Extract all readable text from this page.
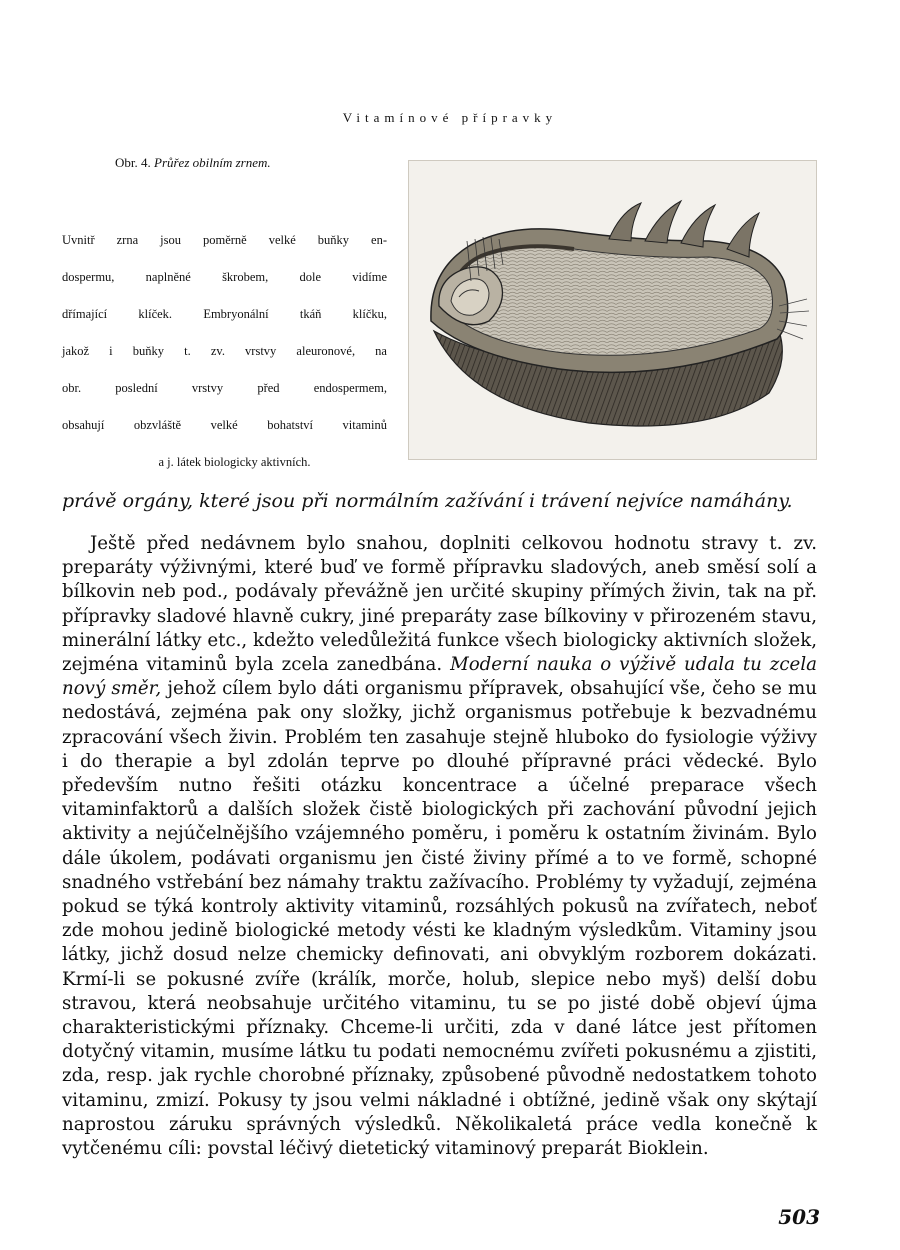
Vitamínové přípravky
Obr. 4. Průřez obilním zrnem.
Uvnitř zrna jsou poměrně velké buňky en-
dospermu, naplněné škrobem, dole vidíme
dřímající klíček. Embryonální tkáň klíčku,
jakož i buňky t. zv. vrstvy aleuronové, na
obr. poslední vrstvy před endospermem,
obsahují obzvláště velké bohatství vitaminů
a j. látek biologicky aktivních.
právě orgány, které jsou při normálním zažívání i trávení nejvíce namáhány.
Ještě před nedávnem bylo snahou, doplniti celkovou hodnotu stravy t. zv. preparáty výživnými, které buď ve formě přípravku sladových, aneb směsí solí a bílkovin neb pod., podávaly převážně jen určité skupiny přímých živin, tak na př. přípravky sladové hlavně cukry, jiné preparáty zase bílkoviny v přirozeném stavu, minerální látky etc., kdežto veledůležitá funkce všech biologicky aktivních složek, zejména vitaminů byla zcela zanedbána. Moderní nauka o výživě udala tu zcela nový směr, jehož cílem bylo dáti organismu přípravek, obsahující vše, čeho se mu nedostává, zejména pak ony složky, jichž organismus potřebuje k bezvadnému zpracování všech živin. Problém ten zasahuje stejně hluboko do fysiologie výživy i do therapie a byl zdolán teprve po dlouhé přípravné práci vědecké. Bylo především nutno řešiti otázku koncentrace a účelné preparace všech vitaminfaktorů a dalších složek čistě biologických při zachování původní jejich aktivity a nejúčelnějšího vzájemného poměru, i poměru k ostatním živinám. Bylo dále úkolem, podávati organismu jen čisté živiny přímé a to ve formě, schopné snadného vstřebání bez námahy traktu zažívacího. Problémy ty vyžadují, zejména pokud se týká kontroly aktivity vitaminů, rozsáhlých pokusů na zvířatech, neboť zde mohou jedině biologické metody vésti ke kladným výsledkům. Vitaminy jsou látky, jichž dosud nelze chemicky definovati, ani obvyklým rozborem dokázati. Krmí-li se pokusné zvíře (králík, morče, holub, slepice nebo myš) delší dobu stravou, která neobsahuje určitého vitaminu, tu se po jisté době objeví újma charakteristickými příznaky. Chceme-li určiti, zda v dané látce jest přítomen dotyčný vitamin, musíme látku tu podati nemocnému zvířeti pokusnému a zjistiti, zda, resp. jak rychle chorobné příznaky, způsobené původně nedostatkem tohoto vitaminu, zmizí. Pokusy ty jsou velmi nákladné i obtížné, jedině však ony skýtají naprostou záruku správných výsledků. Několikaletá práce vedla konečně k vytčenému cíli: povstal léčivý dietetický vitaminový preparát Bioklein.
503
